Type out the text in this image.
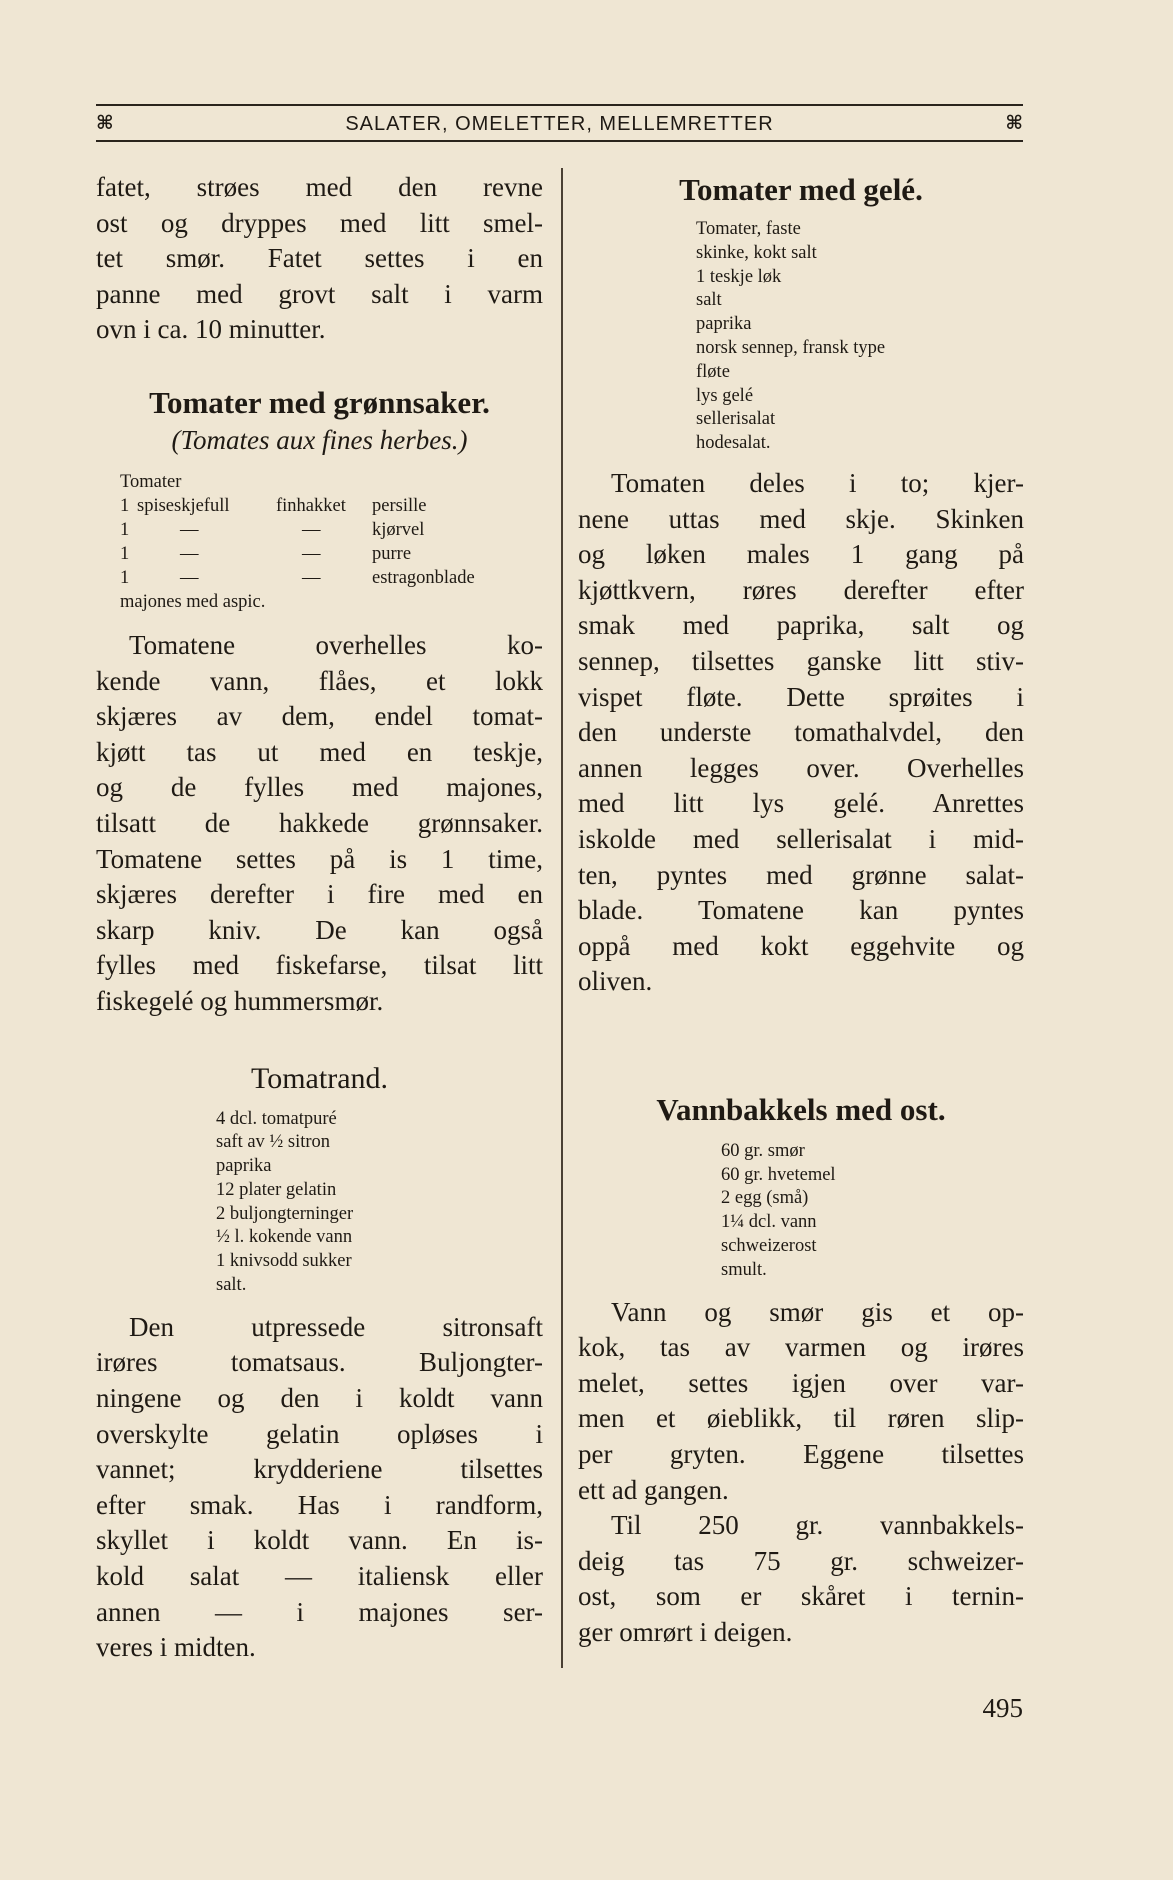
⌘	SALATER, OMELETTER, MELLEMRETTER	⌘

fatet, strøes med den revne

ost og dryppes med litt smel-

tet smør. Fatet settes i en

panne med grovt salt i varm

ovn i ca. 10 minutter.

Tomater med grønnsaker.

(Tomates aux fines herbes.)

Tomater
1 spiseskjefull	finhakket persille
1	—	—	kjørvel
1	—	—	purre
1	—	—	estragonblade
majones med aspic.

Tomatene overhelles ko-

kende vann, flåes, et lokk

skjæres av dem, endel tomat-

kjøtt tas ut med en teskje,

og de fylles med majones,

tilsatt de hakkede grønnsaker.

Tomatene settes på is 1 time,

skjæres derefter i fire med en

skarp kniv. De kan også

fylles med fiskefarse, tilsat litt

fiskegelé og hummersmør.

Tomatrand.
4 dcl. tomatpuré
saft av ½ sitron
paprika
12 plater gelatin
2 buljongterninger
½ l. kokende vann
1 knivsodd sukker
salt.

Den utpressede sitronsaft

irøres tomatsaus. Buljongter-

ningene og den i koldt vann

overskylte gelatin opløses i

vannet; krydderiene tilsettes

efter smak. Has i randform,

skyllet i koldt vann. En is-

kold salat — italiensk eller

annen — i majones ser-

veres i midten.

Tomater med gelé.
Tomater, faste
skinke, kokt salt
1 teskje løk
salt
paprika
norsk sennep, fransk type
fløte
lys gelé
sellerisalat
hodesalat.

Tomaten deles i to; kjer-

nene uttas med skje. Skinken

og løken males 1 gang på

kjøttkvern, røres derefter efter

smak med paprika, salt og

sennep, tilsettes ganske litt stiv-

vispet fløte. Dette sprøites i

den underste tomathalvdel, den

annen legges over. Overhelles

med litt lys gelé. Anrettes

iskolde med sellerisalat i mid-

ten, pyntes med grønne salat-

blade. Tomatene kan pyntes

oppå med kokt eggehvite og

oliven.

Vannbakkels med ost.
60 gr. smør
60 gr. hvetemel
2 egg (små)
1¼ dcl. vann
schweizerost
smult.

Vann og smør gis et op-

kok, tas av varmen og irøres

melet, settes igjen over var-

men et øieblikk, til røren slip-

per gryten. Eggene tilsettes

ett ad gangen.

Til 250 gr. vannbakkels-

deig tas 75 gr. schweizer-

ost, som er skåret i ternin-

ger omrørt i deigen.

495
